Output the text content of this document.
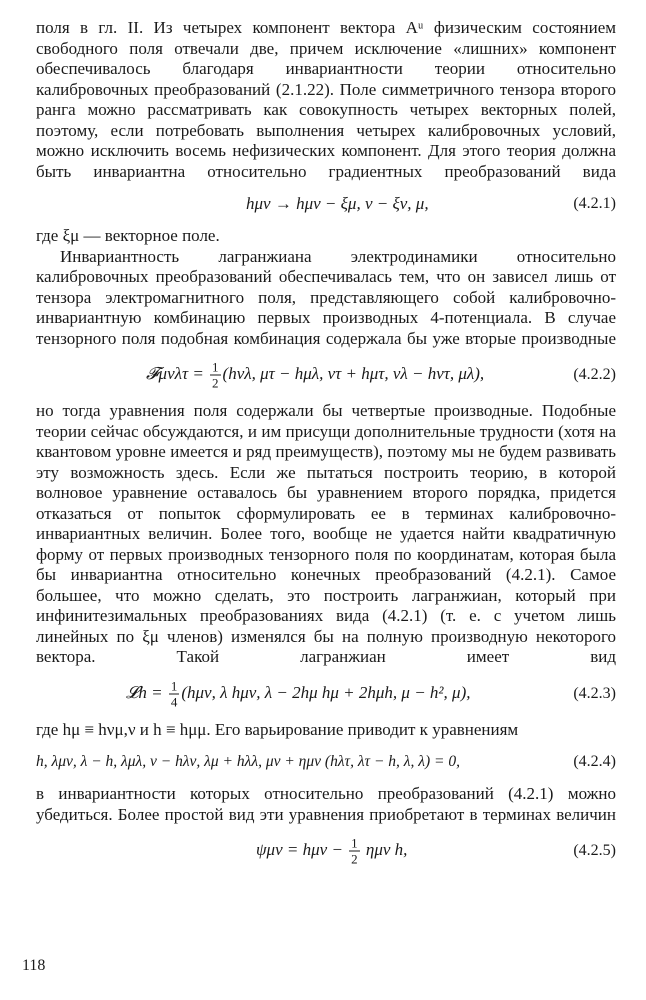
поля в гл. II. Из четырех компонент вектора Aᵘ физическим состоянием свободного поля отвечали две, причем исключение «лишних» компонент обеспечивалось благодаря инвариантности теории относительно калибровочных преобразований (2.1.22). Поле симметричного тензора второго ранга можно рассматривать как совокупность четырех векторных полей, поэтому, если потребовать выполнения четырех калибровочных условий, можно исключить восемь нефизических компонент. Для этого теория должна быть инвариантна относительно градиентных преобразований вида

hμν → hμν − ξμ, ν − ξν, μ,	(4.2.1)

где ξμ — векторное поле.

Инвариантность лагранжиана электродинамики относительно калибровочных преобразований обеспечивалась тем, что он зависел лишь от тензора электромагнитного поля, представляющего собой калибровочно-инвариантную комбинацию первых производных 4-потенциала. В случае тензорного поля подобная комбинация содержала бы уже вторые производные

𝓕μνλτ = $\frac{1}{2} (h\nu\lambda$, μτ − hμλ, ντ + hμτ, νλ − hντ, μλ),	(4.2.2)

но тогда уравнения поля содержали бы четвертые производные. Подобные теории сейчас обсуждаются, и им присущи дополнительные трудности (хотя на квантовом уровне имеется и ряд преимуществ), поэтому мы не будем развивать эту возможность здесь. Если же пытаться построить теорию, в которой волновое уравнение оставалось бы уравнением второго порядка, придется отказаться от попыток сформулировать ее в терминах калибровочно-инвариантных величин. Более того, вообще не удается найти квадратичную форму от первых производных тензорного поля по координатам, которая была бы инвариантна относительно конечных преобразований (4.2.1). Самое большее, что можно сделать, это построить лагранжиан, который при инфинитезимальных преобразованиях вида (4.2.1) (т. е. с учетом лишь линейных по ξμ членов) изменялся бы на полную производную некоторого вектора. Такой лагранжиан имеет вид

𝓛h = $\frac{1}{4} (h\mu\nu$, λ hμν, λ − 2hμ hμ + 2hμh, μ − h², μ),	(4.2.3)

где hμ ≡ hνμ,ν и h ≡ hμμ. Его варьирование приводит к уравнениям

h, λμν, λ − h, λμλ, ν − hλν, λμ + hλλ, μν + ημν (hλτ, λτ − h, λ, λ) = 0,	(4.2.4)

в инвариантности которых относительно преобразований (4.2.1) можно убедиться. Более простой вид эти уравнения приобретают в терминах величин

$\psi\mu\nu = h\mu\nu - \frac{1}{2}$ ημν h,	(4.2.5)
118
